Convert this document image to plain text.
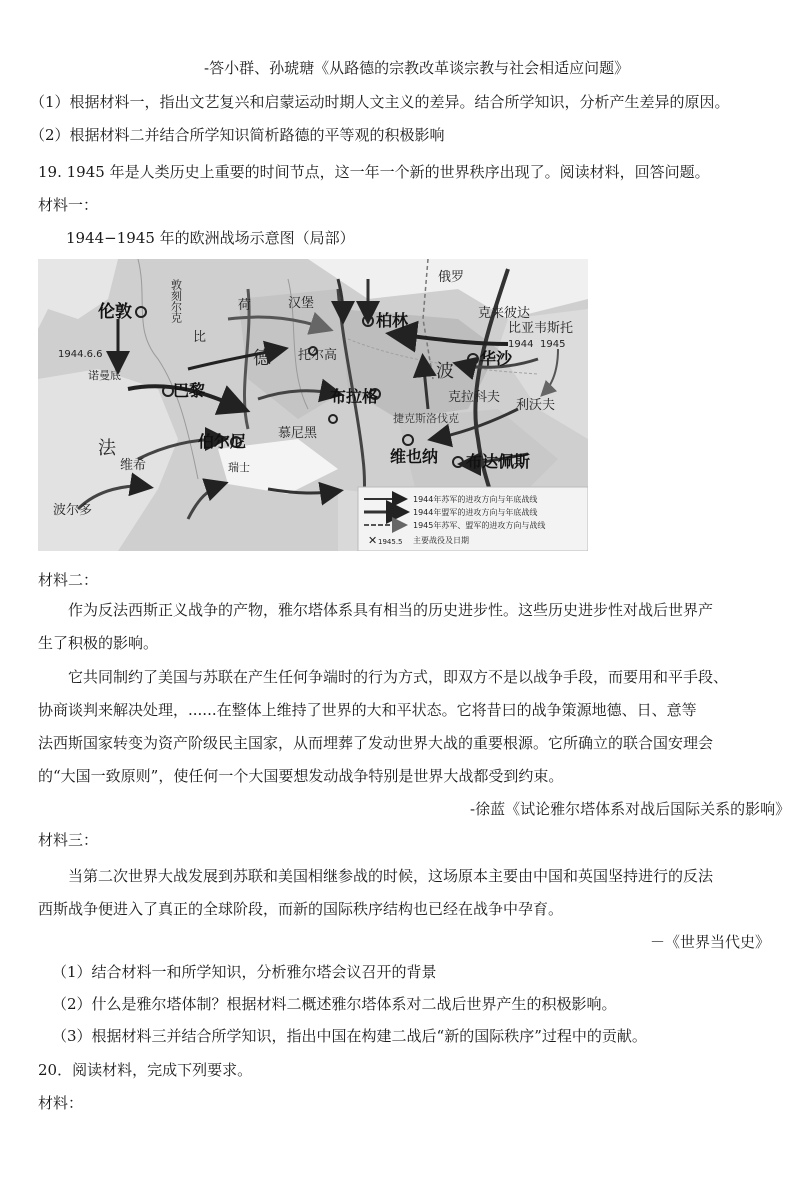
-答小群、孙琥瑭《从路德的宗教改革谈宗教与社会相适应问题》
（1）根据材料一，指出文艺复兴和启蒙运动时期人文主义的差异。结合所学知识，分析产生差异的原因。
（2）根据材料二并结合所学知识简析路德的平等观的积极影响
19. 1945 年是人类历史上重要的时间节点，这一年一个新的世界秩序出现了。阅读材料，回答问题。
材料一：
1944−1945 年的欧洲战场示意图（局部）
伦敦
巴黎
柏林
华沙
布拉格
维也纳 布达佩斯
汉堡
慕尼黑
伯尔尼
波尔多
维希
克拉科夫
克来彼达
托尔高
比亚韦斯托
利沃夫
诺曼底
敦刻尔克
法
德
波
瑞士
荷
比
捷克斯洛伐克
俄罗
1944.6.6
1944 1945
✕ 1945.5
1944年苏军的进攻方向与年底战线
1944年盟军的进攻方向与年底战线
1945年苏军、盟军的进攻方向与战线
主要战役及日期
材料二：
作为反法西斯正义战争的产物，雅尔塔体系具有相当的历史进步性。这些历史进步性对战后世界产
生了积极的影响。
它共同制约了美国与苏联在产生任何争端时的行为方式，即双方不是以战争手段，而要用和平手段、
协商谈判来解决处理，......在整体上维持了世界的大和平状态。它将昔曰的战争策源地德、日、意等
法西斯国家转变为资产阶级民主国家，从而埋葬了发动世界大战的重要根源。它所确立的联合国安理会
的“大国一致原则”，使任何一个大国要想发动战争特别是世界大战都受到约束。
-徐蓝《试论雅尔塔体系对战后国际关系的影响》
材料三：
当第二次世界大战发展到苏联和美国相继参战的时候，这场原本主要由中国和英国坚持进行的反法
西斯战争便进入了真正的全球阶段，而新的国际秩序结构也已经在战争中孕育。
－《世界当代史》
（1）结合材料一和所学知识，分析雅尔塔会议召开的背景
（2）什么是雅尔塔体制？根据材料二概述雅尔塔体系对二战后世界产生的积极影响。
（3）根据材料三并结合所学知识，指出中国在构建二战后“新的国际秩序”过程中的贡献。
20．阅读材料，完成下列要求。
材料：
